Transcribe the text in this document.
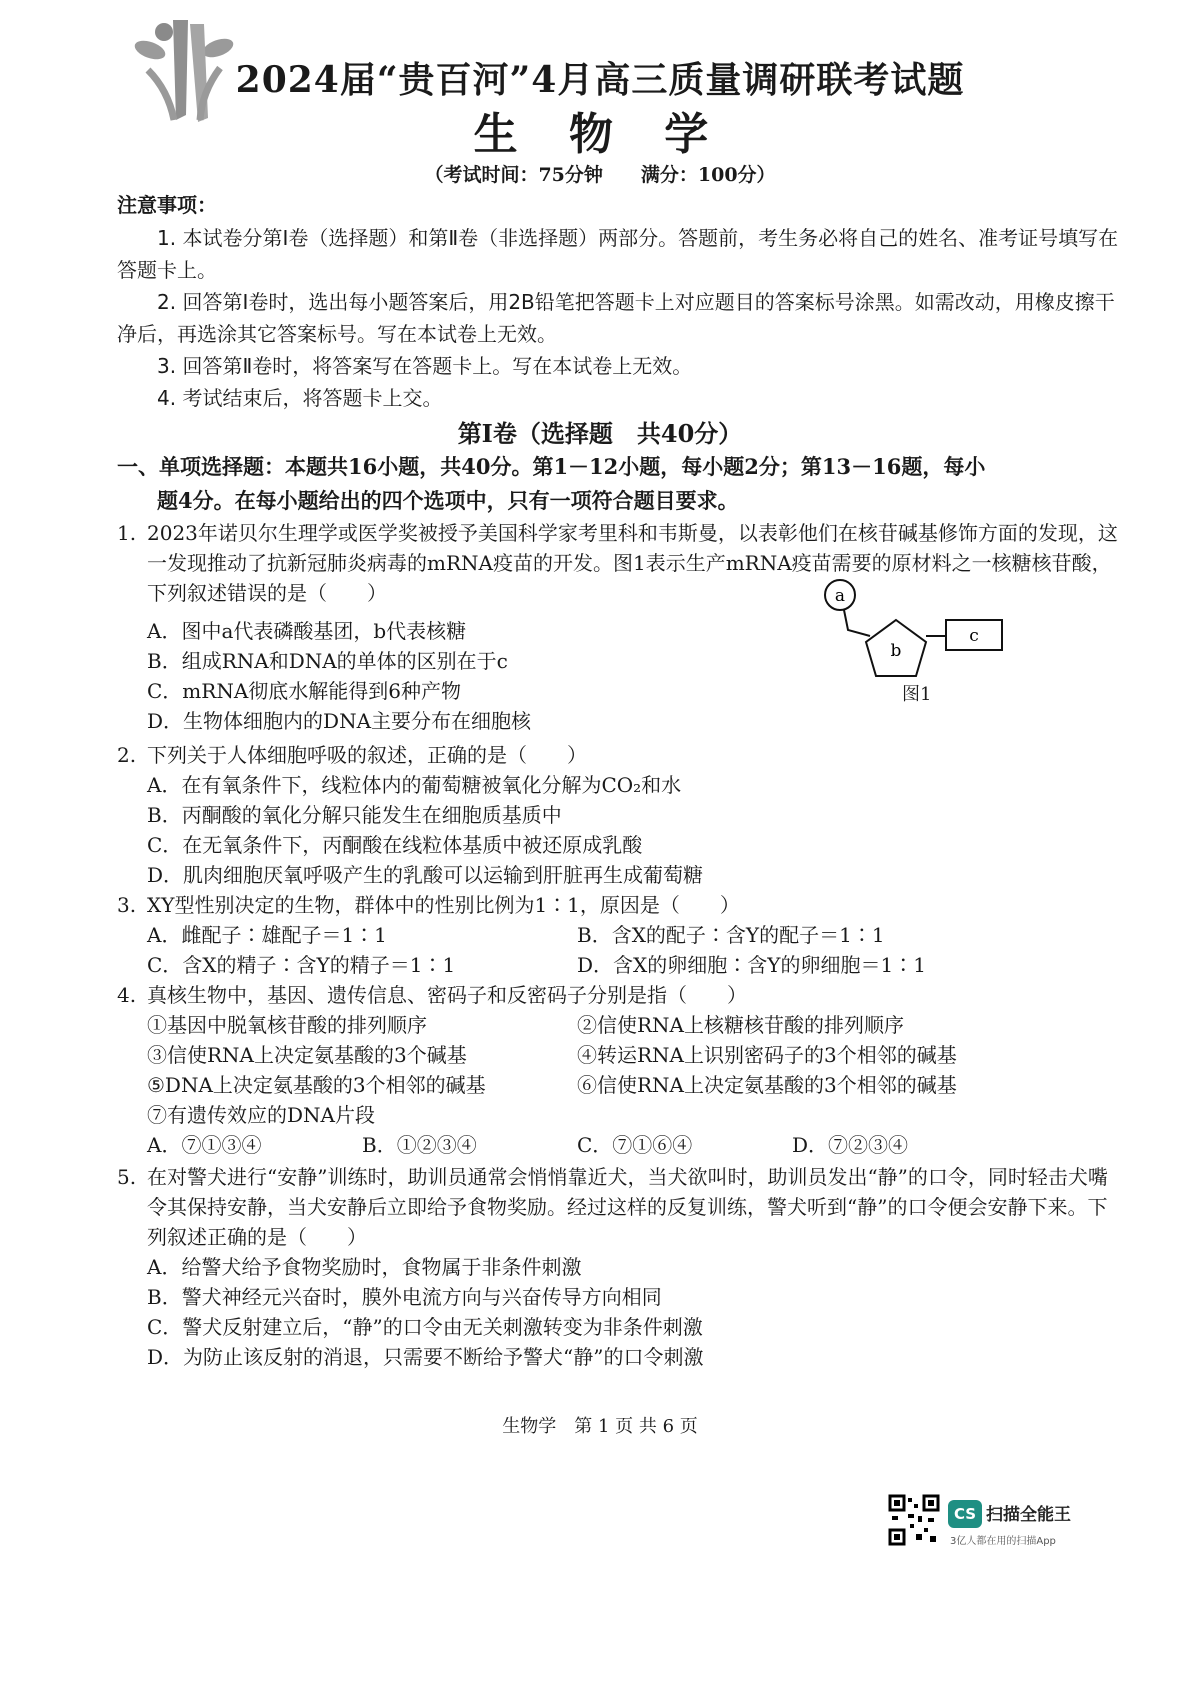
2024届“贵百河”4月高三质量调研联考试题
生 物 学
（考试时间：75分钟　　满分：100分）
注意事项：
1. 本试卷分第Ⅰ卷（选择题）和第Ⅱ卷（非选择题）两部分。答题前，考生务必将自己的姓名、准考证号填写在答题卡上。
2. 回答第Ⅰ卷时，选出每小题答案后，用2B铅笔把答题卡上对应题目的答案标号涂黑。如需改动，用橡皮擦干净后，再选涂其它答案标号。写在本试卷上无效。
3. 回答第Ⅱ卷时，将答案写在答题卡上。写在本试卷上无效。
4. 考试结束后，将答题卡上交。
第Ⅰ卷（选择题　共40分）
一、单项选择题：本题共16小题，共40分。第1－12小题，每小题2分；第13－16题，每小
题4分。在每小题给出的四个选项中，只有一项符合题目要求。
1. 2023年诺贝尔生理学或医学奖被授予美国科学家考里科和韦斯曼，以表彰他们在核苷碱基修饰方面的发现，这一发现推动了抗新冠肺炎病毒的mRNA疫苗的开发。图1表示生产mRNA疫苗需要的原材料之一核糖核苷酸，下列叙述错误的是（　　）
A．图中a代表磷酸基团，b代表核糖
B．组成RNA和DNA的单体的区别在于c
C．mRNA彻底水解能得到6种产物
D．生物体细胞内的DNA主要分布在细胞核
a
b
c
图1
2. 下列关于人体细胞呼吸的叙述，正确的是（　　）
A．在有氧条件下，线粒体内的葡萄糖被氧化分解为CO₂和水
B．丙酮酸的氧化分解只能发生在细胞质基质中
C．在无氧条件下，丙酮酸在线粒体基质中被还原成乳酸
D．肌肉细胞厌氧呼吸产生的乳酸可以运输到肝脏再生成葡萄糖
3. XY型性别决定的生物，群体中的性别比例为1∶1，原因是（　　）
A．雌配子∶雄配子＝1∶1	B．含X的配子∶含Y的配子＝1∶1
C．含X的精子∶含Y的精子＝1∶1	D．含X的卵细胞∶含Y的卵细胞＝1∶1
4. 真核生物中，基因、遗传信息、密码子和反密码子分别是指（　　）
①基因中脱氧核苷酸的排列顺序	②信使RNA上核糖核苷酸的排列顺序
③信使RNA上决定氨基酸的3个碱基	④转运RNA上识别密码子的3个相邻的碱基
⑤DNA上决定氨基酸的3个相邻的碱基	⑥信使RNA上决定氨基酸的3个相邻的碱基
⑦有遗传效应的DNA片段
A．⑦①③④	B．①②③④	C．⑦①⑥④	D．⑦②③④
5. 在对警犬进行“安静”训练时，助训员通常会悄悄靠近犬，当犬欲叫时，助训员发出“静”的口令，同时轻击犬嘴令其保持安静，当犬安静后立即给予食物奖励。经过这样的反复训练，警犬听到“静”的口令便会安静下来。下列叙述正确的是（　　）
A．给警犬给予食物奖励时，食物属于非条件刺激
B．警犬神经元兴奋时，膜外电流方向与兴奋传导方向相同
C．警犬反射建立后，“静”的口令由无关刺激转变为非条件刺激
D．为防止该反射的消退，只需要不断给予警犬“静”的口令刺激
生物学　第 1 页 共 6 页
CS 扫描全能王
3亿人都在用的扫描App
